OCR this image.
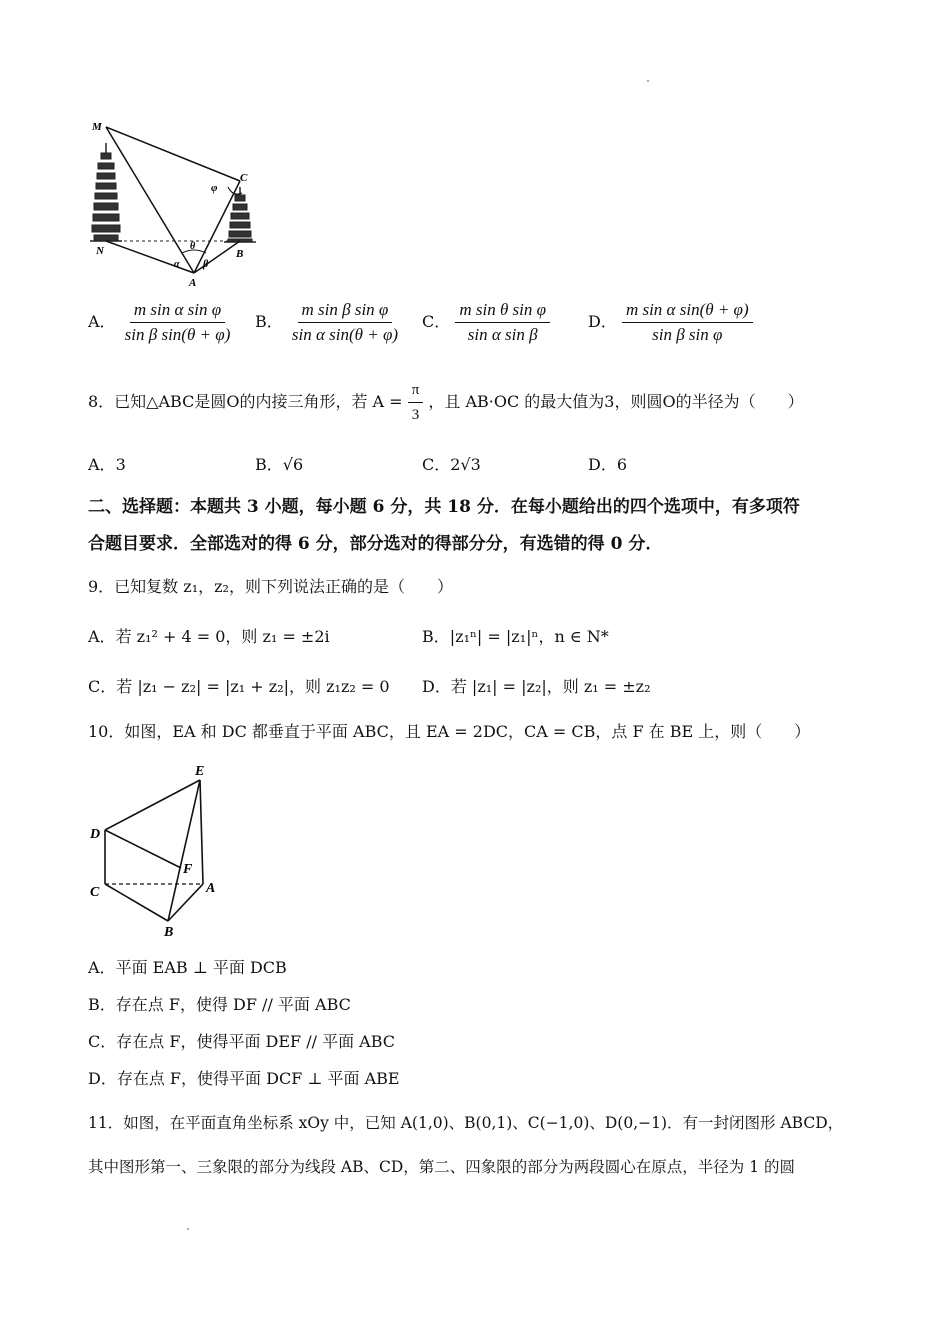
M
N
C
B
A
φ
θ
α β
A． $\frac{\text{m sin α sin φ}}{\text{sin β sin(θ + φ)}}$ B． $\frac{\text{m sin β sin φ}}{\text{sin α sin(θ + φ)}}$ C． $\frac{\text{m sin θ sin φ}}{\text{sin α sin β}}$ D． $\frac{\text{m sin α sin(θ + φ)}}{\text{sin β sin φ}}$
8．已知△ABC是圆O的内接三角形，若 $A = \frac{\pi}{3}$ ，且 AB·OC 的最大值为3，则圆O的半径为（　　）
A．3	B．√6	C．2√3	D．6
二、选择题：本题共 3 小题，每小题 6 分，共 18 分．在每小题给出的四个选项中，有多项符
合题目要求．全部选对的得 6 分，部分选对的得部分分，有选错的得 0 分．
9．已知复数 z₁，z₂，则下列说法正确的是（　　）
A．若 z₁² + 4 = 0，则 z₁ = ±2i	B．|z₁ⁿ| = |z₁|ⁿ，n ∈ N*
C．若 |z₁ − z₂| = |z₁ + z₂|，则 z₁z₂ = 0 D．若 |z₁| = |z₂|，则 z₁ = ±z₂
10．如图，EA 和 DC 都垂直于平面 ABC，且 EA = 2DC，CA = CB，点 F 在 BE 上，则（　　）
E
D
F
C	A
B
A．平面 EAB ⊥ 平面 DCB
B．存在点 F，使得 DF // 平面 ABC
C．存在点 F，使得平面 DEF // 平面 ABC
D．存在点 F，使得平面 DCF ⊥ 平面 ABE
11．如图，在平面直角坐标系 xOy 中，已知 A(1,0)、B(0,1)、C(−1,0)、D(0,−1)．有一封闭图形 ABCD，
其中图形第一、三象限的部分为线段 AB、CD，第二、四象限的部分为两段圆心在原点，半径为 1 的圆
